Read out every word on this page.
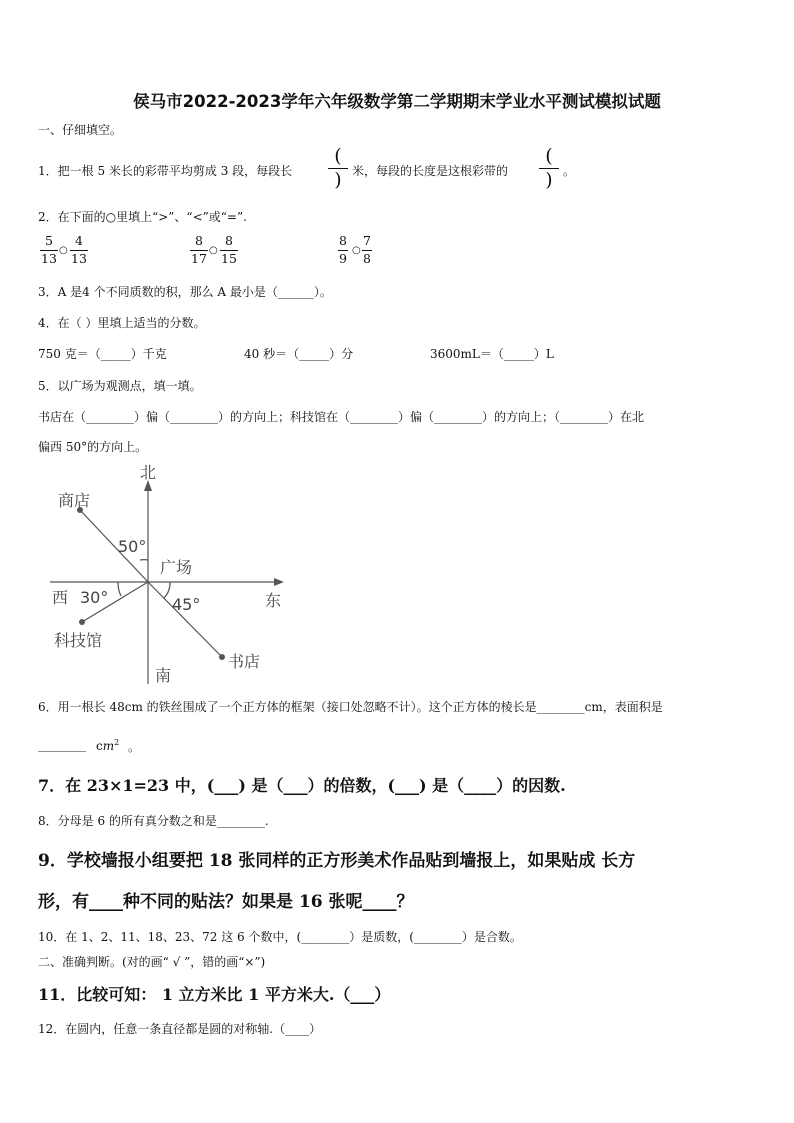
侯马市2022-2023学年六年级数学第二学期期末学业水平测试模拟试题
一、仔细填空。
1．把一根 5 米长的彩带平均剪成 3 段，每段长
(
) 米，每段的长度是这根彩带的
(
) 。
2．在下面的○里填上“>”、“<”或“=”.
5
13 ○
4
13
8
17 ○
8
15
8
9 ○
7
8
3．A 是4 个不同质数的积，那么 A 最小是（______）。
4．在（ ）里填上适当的分数。
750 克＝（_____）千克	40 秒＝（_____）分	3600mL＝（_____）L
5．以广场为观测点，填一填。
书店在（________）偏（________）的方向上；科技馆在（________）偏（________）的方向上；（________）在北
偏西 50°的方向上。
北
南
西	东
广场
商店
科技馆
书店
50°
30°	45°
6．用一根长 48cm 的铁丝围成了一个正方体的框架（接口处忽略不计）。这个正方体的棱长是________cm，表面积是
________ $cm^2$ 。
7．在 23×1=23 中，(___) 是（___）的倍数，(___) 是（____）的因数.
8．分母是 6 的所有真分数之和是________.
9．学校墙报小组要把 18 张同样的正方形美术作品贴到墙报上，如果贴成 长方
形，有____种不同的贴法？如果是 16 张呢____？
10．在 1、2、11、18、23、72 这 6 个数中，(________）是质数，(________）是合数。
二、准确判断。(对的画“ √ ”，错的画“×”)
11．比较可知： 1 立方米比 1 平方米大.（___）
12．在圆内，任意一条直径都是圆的对称轴.（____）
